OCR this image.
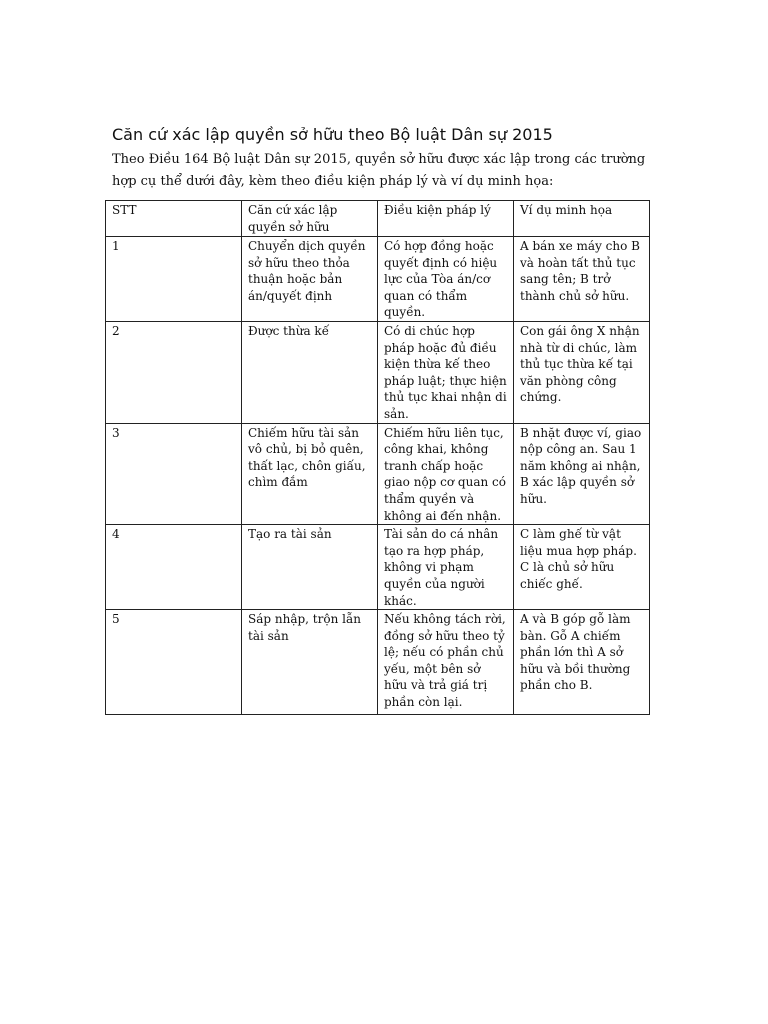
Căn cứ xác lập quyền sở hữu theo Bộ luật Dân sự 2015

Theo Điều 164 Bộ luật Dân sự 2015, quyền sở hữu được xác lập trong các trường hợp cụ thể dưới đây, kèm theo điều kiện pháp lý và ví dụ minh họa:

STT	Căn cứ xác lập quyền sở hữu	Điều kiện pháp lý	Ví dụ minh họa
1	Chuyển dịch quyền sở hữu theo thỏa thuận hoặc bản án/quyết định	Có hợp đồng hoặc quyết định có hiệu lực của Tòa án/cơ quan có thẩm quyền.	A bán xe máy cho B và hoàn tất thủ tục sang tên; B trở thành chủ sở hữu.
2	Được thừa kế	Có di chúc hợp pháp hoặc đủ điều kiện thừa kế theo pháp luật; thực hiện thủ tục khai nhận di sản.	Con gái ông X nhận nhà từ di chúc, làm thủ tục thừa kế tại văn phòng công chứng.
3	Chiếm hữu tài sản vô chủ, bị bỏ quên, thất lạc, chôn giấu, chìm đắm	Chiếm hữu liên tục, công khai, không tranh chấp hoặc giao nộp cơ quan có thẩm quyền và không ai đến nhận.	B nhặt được ví, giao nộp công an. Sau 1 năm không ai nhận, B xác lập quyền sở hữu.
4	Tạo ra tài sản	Tài sản do cá nhân tạo ra hợp pháp, không vi phạm quyền của người khác.	C làm ghế từ vật liệu mua hợp pháp. C là chủ sở hữu chiếc ghế.
5	Sáp nhập, trộn lẫn tài sản	Nếu không tách rời, đồng sở hữu theo tỷ lệ; nếu có phần chủ yếu, một bên sở hữu và trả giá trị phần còn lại.	A và B góp gỗ làm bàn. Gỗ A chiếm phần lớn thì A sở hữu và bồi thường phần cho B.
